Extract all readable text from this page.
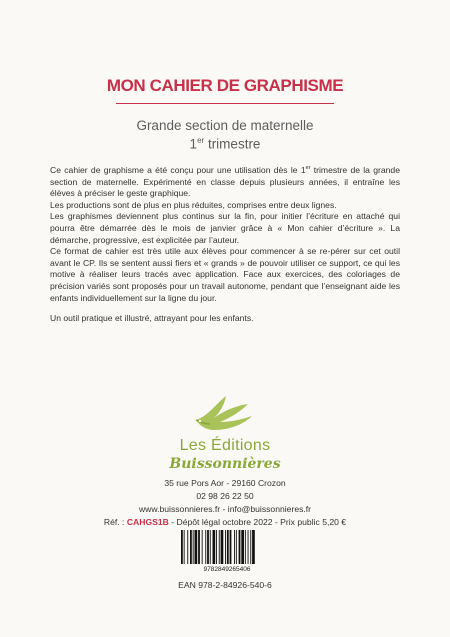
MON CAHIER DE GRAPHISME
Grande section de maternelle
1er trimestre

Ce cahier de graphisme a été conçu pour une utilisation dès le 1er trimestre de la grande section de maternelle. Expérimenté en classe depuis plusieurs années, il entraîne les élèves à préciser le geste graphique.

Les productions sont de plus en plus réduites, comprises entre deux lignes.

Les graphismes deviennent plus continus sur la fin, pour initier l’écriture en attaché qui pourra être démarrée dès le mois de janvier grâce à « Mon cahier d’écriture ». La démarche, progressive, est explicitée par l’auteur.

Ce format de cahier est très utile aux élèves pour commencer à se re-pérer sur cet outil avant le CP. Ils se sentent aussi fiers et « grands » de pouvoir utiliser ce support, ce qui les motive à réaliser leurs tracés avec application. Face aux exercices, des coloriages de précision variés sont proposés pour un travail autonome, pendant que l’enseignant aide les enfants individuellement sur la ligne du jour.

Un outil pratique et illustré, attrayant pour les enfants.

Les Éditions
Buissonnières
35 rue Pors Aor - 29160 Crozon
02 98 26 22 50
www.buissonnieres.fr - info@buissonnieres.fr
Réf. : CAHGS1B - Dépôt légal octobre 2022 - Prix public 5,20 €
9782849265406
EAN 978-2-84926-540-6
